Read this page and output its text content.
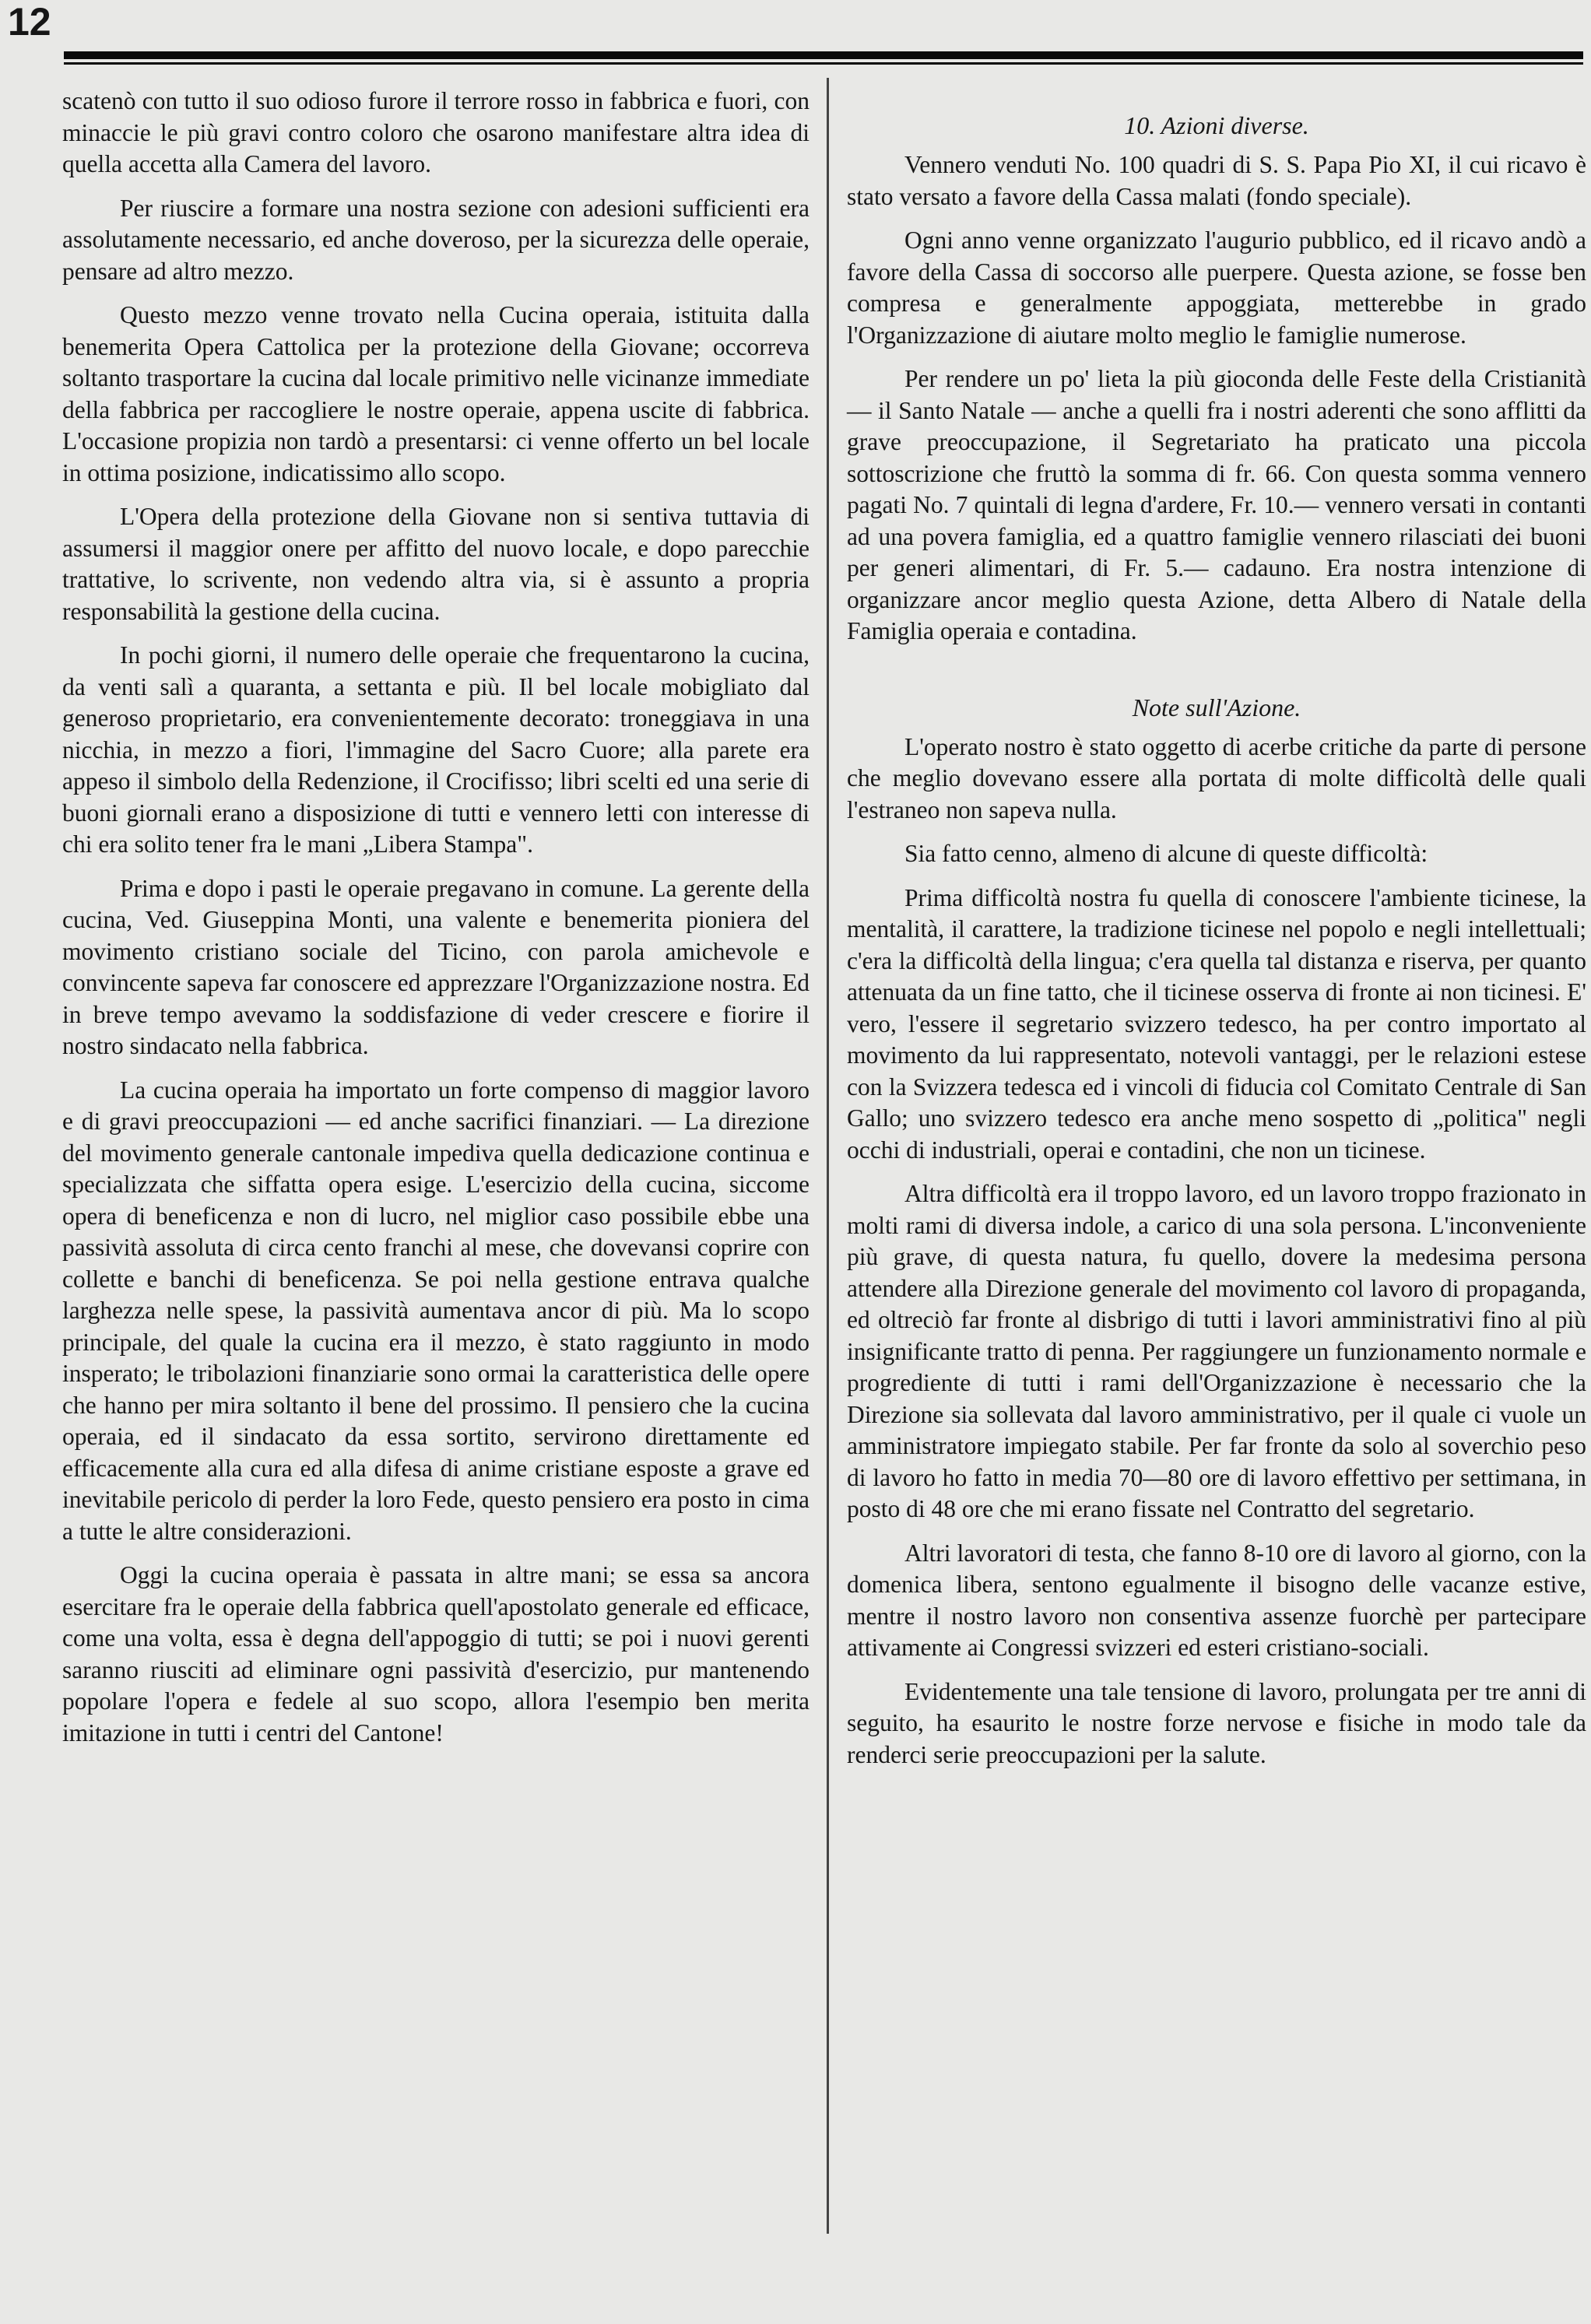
12

scatenò con tutto il suo odioso furore il terrore rosso in fabbrica e fuori, con minaccie le più gravi contro coloro che osarono manifestare altra idea di quella accetta alla Camera del lavoro.

Per riuscire a formare una nostra sezione con adesioni sufficienti era assolutamente necessario, ed anche doveroso, per la sicurezza delle operaie, pensare ad altro mezzo.

Questo mezzo venne trovato nella Cucina operaia, istituita dalla benemerita Opera Cattolica per la protezione della Giovane; occorreva soltanto trasportare la cucina dal locale primitivo nelle vicinanze immediate della fabbrica per raccogliere le nostre operaie, appena uscite di fabbrica. L'occasione propizia non tardò a presentarsi: ci venne offerto un bel locale in ottima posizione, indicatissimo allo scopo.

L'Opera della protezione della Giovane non si sentiva tuttavia di assumersi il maggior onere per affitto del nuovo locale, e dopo parecchie trattative, lo scrivente, non vedendo altra via, si è assunto a propria responsabilità la gestione della cucina.

In pochi giorni, il numero delle operaie che frequentarono la cucina, da venti salì a quaranta, a settanta e più. Il bel locale mobigliato dal generoso proprietario, era convenientemente decorato: troneggiava in una nicchia, in mezzo a fiori, l'immagine del Sacro Cuore; alla parete era appeso il simbolo della Redenzione, il Crocifisso; libri scelti ed una serie di buoni giornali erano a disposizione di tutti e vennero letti con interesse di chi era solito tener fra le mani „Libera Stampa".

Prima e dopo i pasti le operaie pregavano in comune. La gerente della cucina, Ved. Giuseppina Monti, una valente e benemerita pioniera del movimento cristiano sociale del Ticino, con parola amichevole e convincente sapeva far conoscere ed apprezzare l'Organizzazione nostra. Ed in breve tempo avevamo la soddisfazione di veder crescere e fiorire il nostro sindacato nella fabbrica.

La cucina operaia ha importato un forte compenso di maggior lavoro e di gravi preoccupazioni — ed anche sacrifici finanziari. — La direzione del movimento generale cantonale impediva quella dedicazione continua e specializzata che siffatta opera esige. L'esercizio della cucina, siccome opera di beneficenza e non di lucro, nel miglior caso possibile ebbe una passività assoluta di circa cento franchi al mese, che dovevansi coprire con collette e banchi di beneficenza. Se poi nella gestione entrava qualche larghezza nelle spese, la passività aumentava ancor di più. Ma lo scopo principale, del quale la cucina era il mezzo, è stato raggiunto in modo insperato; le tribolazioni finanziarie sono ormai la caratteristica delle opere che hanno per mira soltanto il bene del prossimo. Il pensiero che la cucina operaia, ed il sindacato da essa sortito, servirono direttamente ed efficacemente alla cura ed alla difesa di anime cristiane esposte a grave ed inevitabile pericolo di perder la loro Fede, questo pensiero era posto in cima a tutte le altre considerazioni.

Oggi la cucina operaia è passata in altre mani; se essa sa ancora esercitare fra le operaie della fabbrica quell'apostolato generale ed efficace, come una volta, essa è degna dell'appoggio di tutti; se poi i nuovi gerenti saranno riusciti ad eliminare ogni passività d'esercizio, pur mantenendo popolare l'opera e fedele al suo scopo, allora l'esempio ben merita imitazione in tutti i centri del Cantone!

10. Azioni diverse.

Vennero venduti No. 100 quadri di S. S. Papa Pio XI, il cui ricavo è stato versato a favore della Cassa malati (fondo speciale).

Ogni anno venne organizzato l'augurio pubblico, ed il ricavo andò a favore della Cassa di soccorso alle puerpere. Questa azione, se fosse ben compresa e generalmente appoggiata, metterebbe in grado l'Organizzazione di aiutare molto meglio le famiglie numerose.

Per rendere un po' lieta la più gioconda delle Feste della Cristianità — il Santo Natale — anche a quelli fra i nostri aderenti che sono afflitti da grave preoccupazione, il Segretariato ha praticato una piccola sottoscrizione che fruttò la somma di fr. 66. Con questa somma vennero pagati No. 7 quintali di legna d'ardere, Fr. 10.— vennero versati in contanti ad una povera famiglia, ed a quattro famiglie vennero rilasciati dei buoni per generi alimentari, di Fr. 5.— cadauno. Era nostra intenzione di organizzare ancor meglio questa Azione, detta Albero di Natale della Famiglia operaia e contadina.

Note sull'Azione.

L'operato nostro è stato oggetto di acerbe critiche da parte di persone che meglio dovevano essere alla portata di molte difficoltà delle quali l'estraneo non sapeva nulla.

Sia fatto cenno, almeno di alcune di queste difficoltà:

Prima difficoltà nostra fu quella di conoscere l'ambiente ticinese, la mentalità, il carattere, la tradizione ticinese nel popolo e negli intellettuali; c'era la difficoltà della lingua; c'era quella tal distanza e riserva, per quanto attenuata da un fine tatto, che il ticinese osserva di fronte ai non ticinesi. E' vero, l'essere il segretario svizzero tedesco, ha per contro importato al movimento da lui rappresentato, notevoli vantaggi, per le relazioni estese con la Svizzera tedesca ed i vincoli di fiducia col Comitato Centrale di San Gallo; uno svizzero tedesco era anche meno sospetto di „politica" negli occhi di industriali, operai e contadini, che non un ticinese.

Altra difficoltà era il troppo lavoro, ed un lavoro troppo frazionato in molti rami di diversa indole, a carico di una sola persona. L'inconveniente più grave, di questa natura, fu quello, dovere la medesima persona attendere alla Direzione generale del movimento col lavoro di propaganda, ed oltreciò far fronte al disbrigo di tutti i lavori amministrativi fino al più insignificante tratto di penna. Per raggiungere un funzionamento normale e progrediente di tutti i rami dell'Organizzazione è necessario che la Direzione sia sollevata dal lavoro amministrativo, per il quale ci vuole un amministratore impiegato stabile. Per far fronte da solo al soverchio peso di lavoro ho fatto in media 70—80 ore di lavoro effettivo per settimana, in posto di 48 ore che mi erano fissate nel Contratto del segretario.

Altri lavoratori di testa, che fanno 8-10 ore di lavoro al giorno, con la domenica libera, sentono egualmente il bisogno delle vacanze estive, mentre il nostro lavoro non consentiva assenze fuorchè per partecipare attivamente ai Congressi svizzeri ed esteri cristiano-sociali.

Evidentemente una tale tensione di lavoro, prolungata per tre anni di seguito, ha esaurito le nostre forze nervose e fisiche in modo tale da renderci serie preoccupazioni per la salute.
